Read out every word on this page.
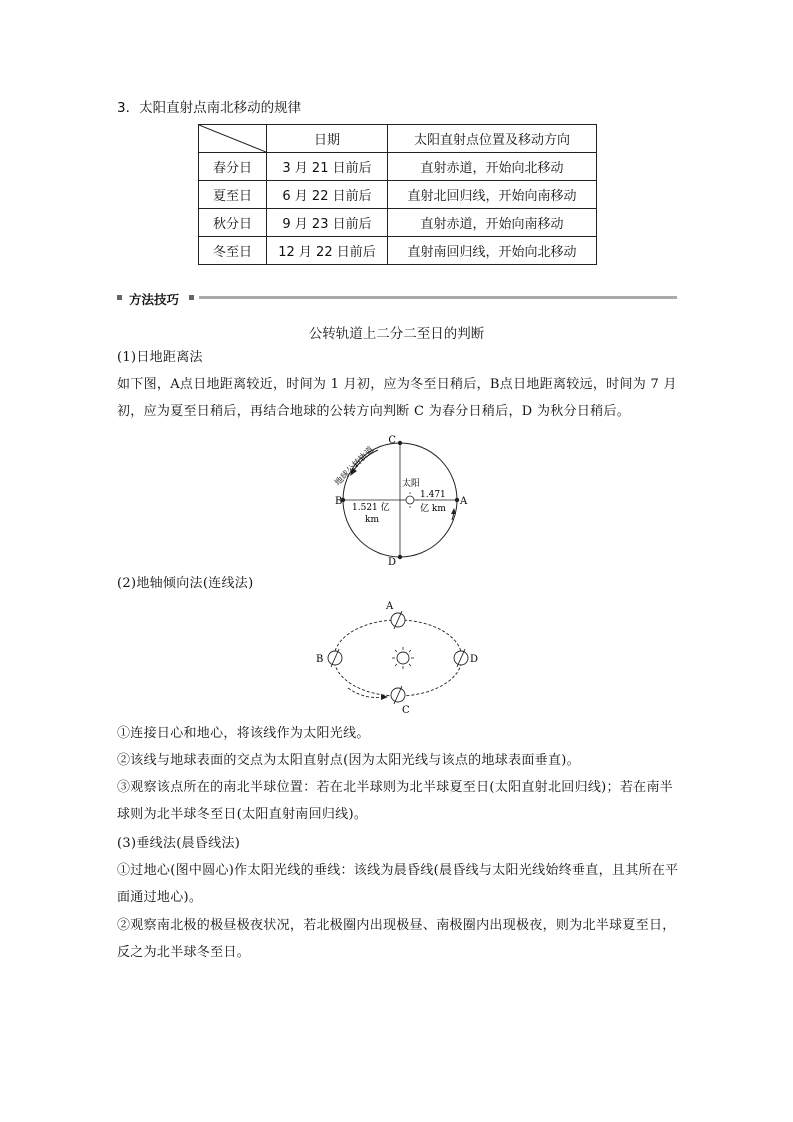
3．太阳直射点南北移动的规律
	日期	太阳直射点位置及移动方向
春分日	3 月 21 日前后	直射赤道，开始向北移动
夏至日	6 月 22 日前后	直射北回归线，开始向南移动
秋分日	9 月 23 日前后	直射赤道，开始向南移动
冬至日	12 月 22 日前后	直射南回归线，开始向北移动
方法技巧
公转轨道上二分二至日的判断
(1)日地距离法
如下图，A点日地距离较近，时间为 1 月初，应为冬至日稍后，B点日地距离较远，时间为 7 月初，应为夏至日稍后，再结合地球的公转方向判断 C 为春分日稍后，D 为秋分日稍后。
C
D
B	A
太阳
1.521 亿
km
1.471
亿 km
地球公转轨道
(2)地轴倾向法(连线法)
A
C
B	D
①连接日心和地心，将该线作为太阳光线。
②该线与地球表面的交点为太阳直射点(因为太阳光线与该点的地球表面垂直)。
③观察该点所在的南北半球位置：若在北半球则为北半球夏至日(太阳直射北回归线)；若在南半球则为北半球冬至日(太阳直射南回归线)。
(3)垂线法(晨昏线法)
①过地心(图中圆心)作太阳光线的垂线：该线为晨昏线(晨昏线与太阳光线始终垂直，且其所在平面通过地心)。
②观察南北极的极昼极夜状况，若北极圈内出现极昼、南极圈内出现极夜，则为北半球夏至日，反之为北半球冬至日。
